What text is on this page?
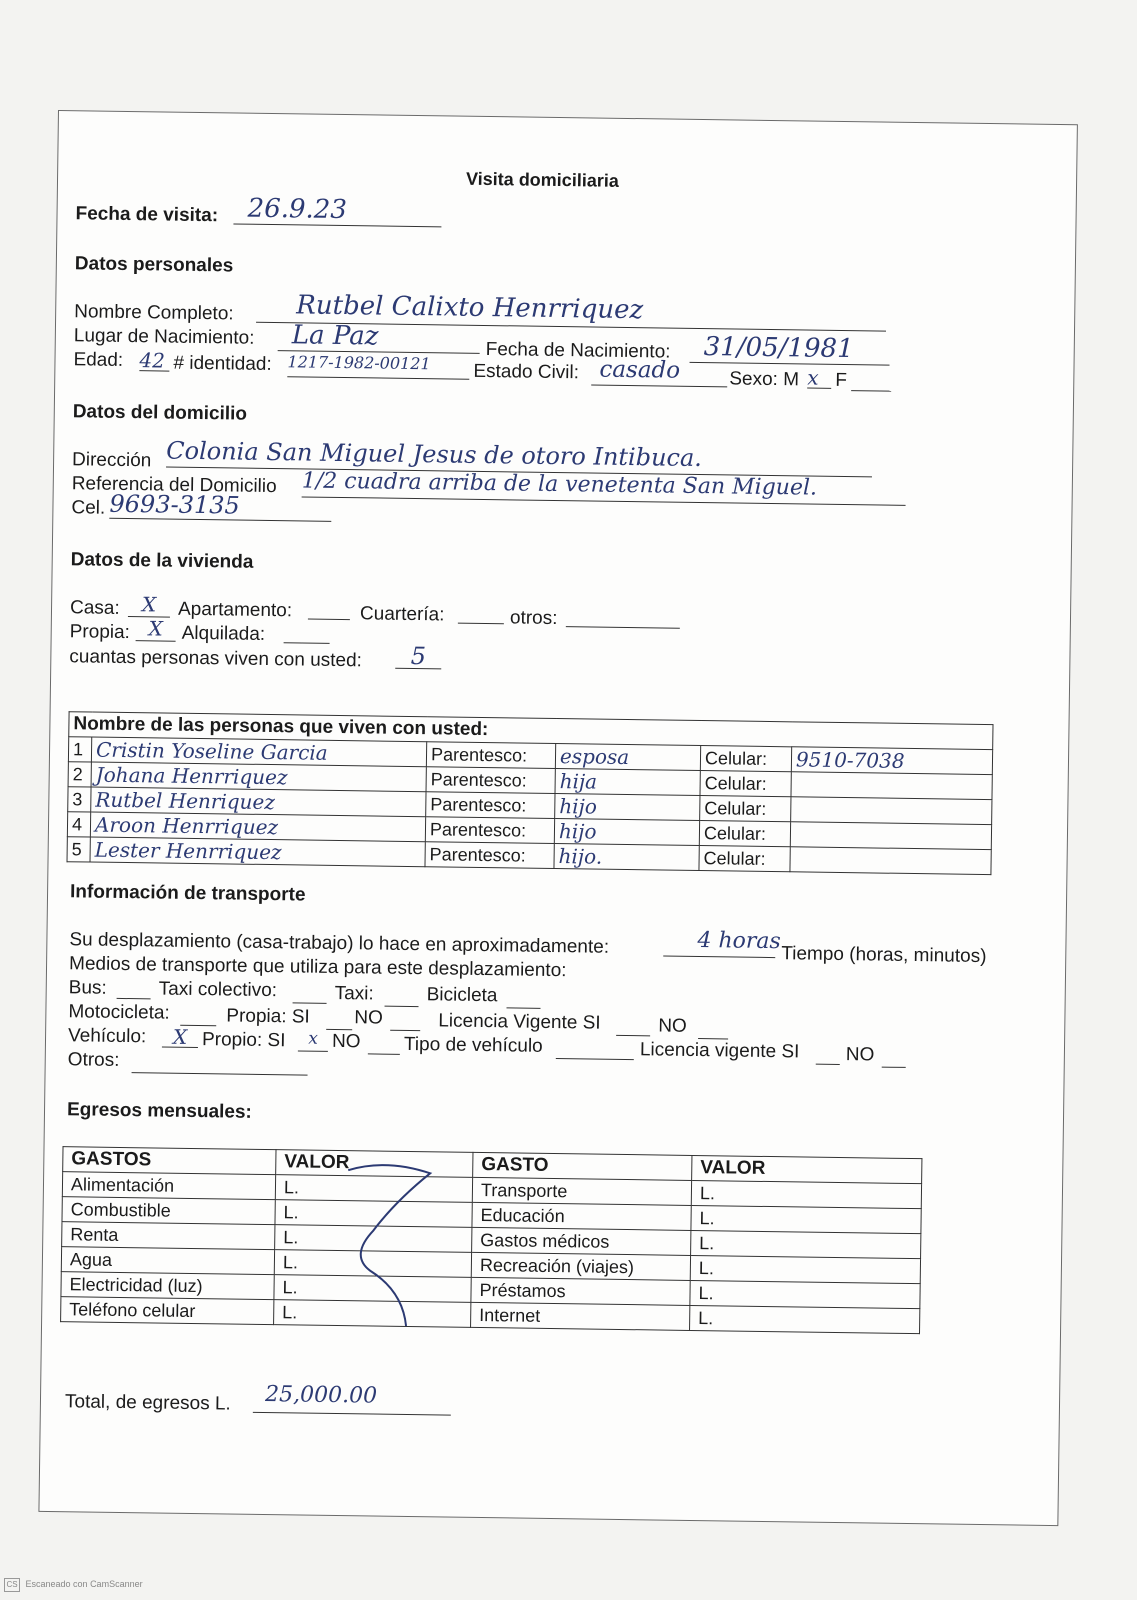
Visita domiciliaria
Fecha de visita:	26.9.23
Datos personales
Nombre Completo:	Rutbel Calixto Henrriquez
Lugar de Nacimiento:	La Paz	Fecha de Nacimiento:	31/05/1981
Edad: 42 # identidad: 1217-1982-00121	Estado Civil: casado	Sexo: M x F
Datos del domicilio
Dirección Colonia San Miguel Jesus de otoro Intibuca.
Referencia del Domicilio 1/2 cuadra arriba de la venetenta San Miguel.
Cel. 9693-3135
Datos de la vivienda
Casa:	X	Apartamento:	Cuartería:	otros:
Propia: X Alquilada:
cuantas personas viven con usted:	5
Nombre de las personas que viven con usted:					
1	Cristin Yoseline Garcia	Parentesco:	esposa	Celular:	9510-7038
2	Johana Henrriquez	Parentesco:	hija	Celular:	
3	Rutbel Henriquez	Parentesco:	hijo	Celular:	
4	Aroon Henrriquez	Parentesco:	hijo	Celular:	
5	Lester Henrriquez	Parentesco:	hijo.	Celular:	
Información de transporte
Su desplazamiento (casa-trabajo) lo hace en aproximadamente:	4 horas
Tiempo (horas, minutos)
Medios de transporte que utiliza para este desplazamiento:
Bus:	Taxi colectivo:	Taxi:	Bicicleta
Motocicleta:	Propia: SI NO	Licencia Vigente SI	NO
Vehículo:	X Propio: SI	x NO Tipo de vehículo	Licencia vigente SI NO
Otros:
Egresos mensuales:
GASTOS	VALOR	GASTO	VALOR
Alimentación	L.	Transporte	L.
Combustible	L.	Educación	L.
Renta	L.	Gastos médicos	L.
Agua	L.	Recreación (viajes)	L.
Electricidad (luz)	L.	Préstamos	L.
Teléfono celular	L.	Internet	L.
Total, de egresos L.	25,000.00
CS Escaneado con CamScanner
